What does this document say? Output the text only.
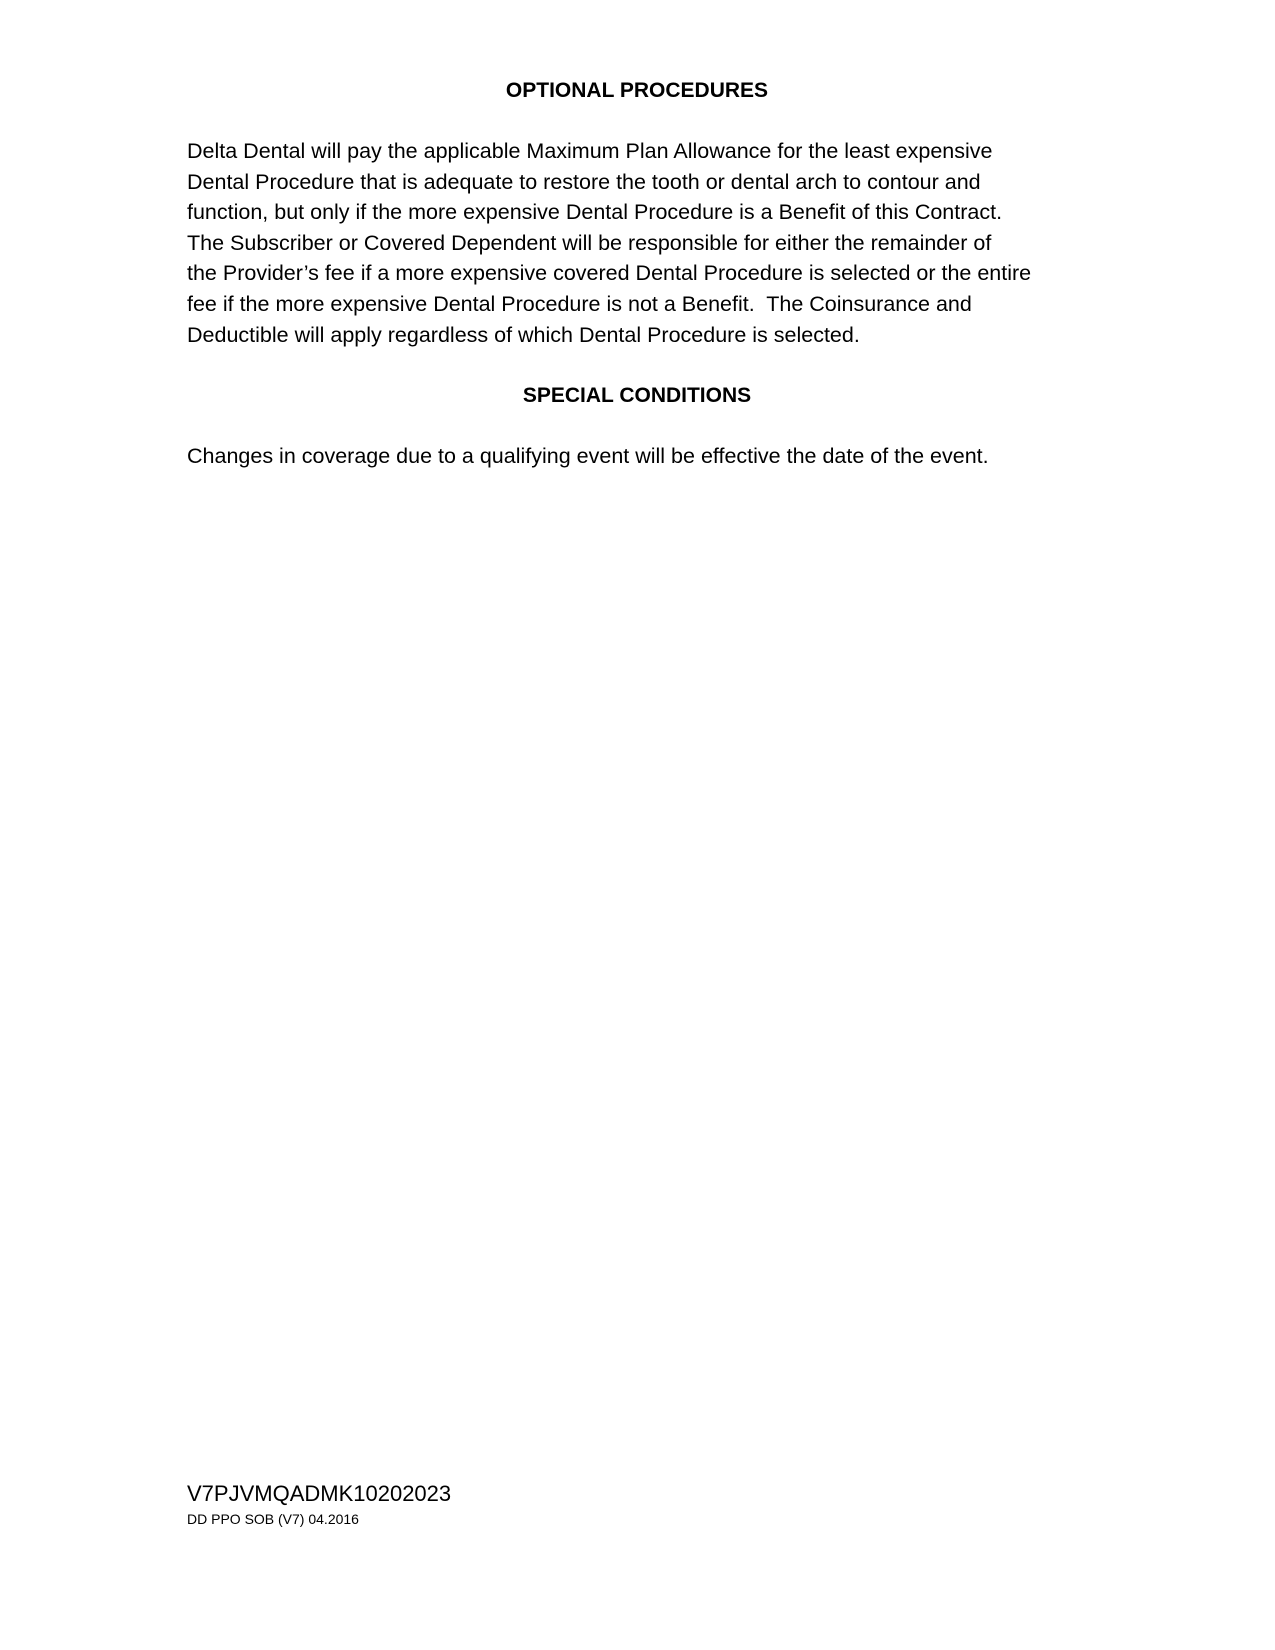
OPTIONAL PROCEDURES

Delta Dental will pay the applicable Maximum Plan Allowance for the least expensive
Dental Procedure that is adequate to restore the tooth or dental arch to contour and
function, but only if the more expensive Dental Procedure is a Benefit of this Contract.
The Subscriber or Covered Dependent will be responsible for either the remainder of
the Provider’s fee if a more expensive covered Dental Procedure is selected or the entire
fee if the more expensive Dental Procedure is not a Benefit.  The Coinsurance and
Deductible will apply regardless of which Dental Procedure is selected.

SPECIAL CONDITIONS

Changes in coverage due to a qualifying event will be effective the date of the event.

V7PJVMQADMK10202023
DD PPO SOB (V7) 04.2016
